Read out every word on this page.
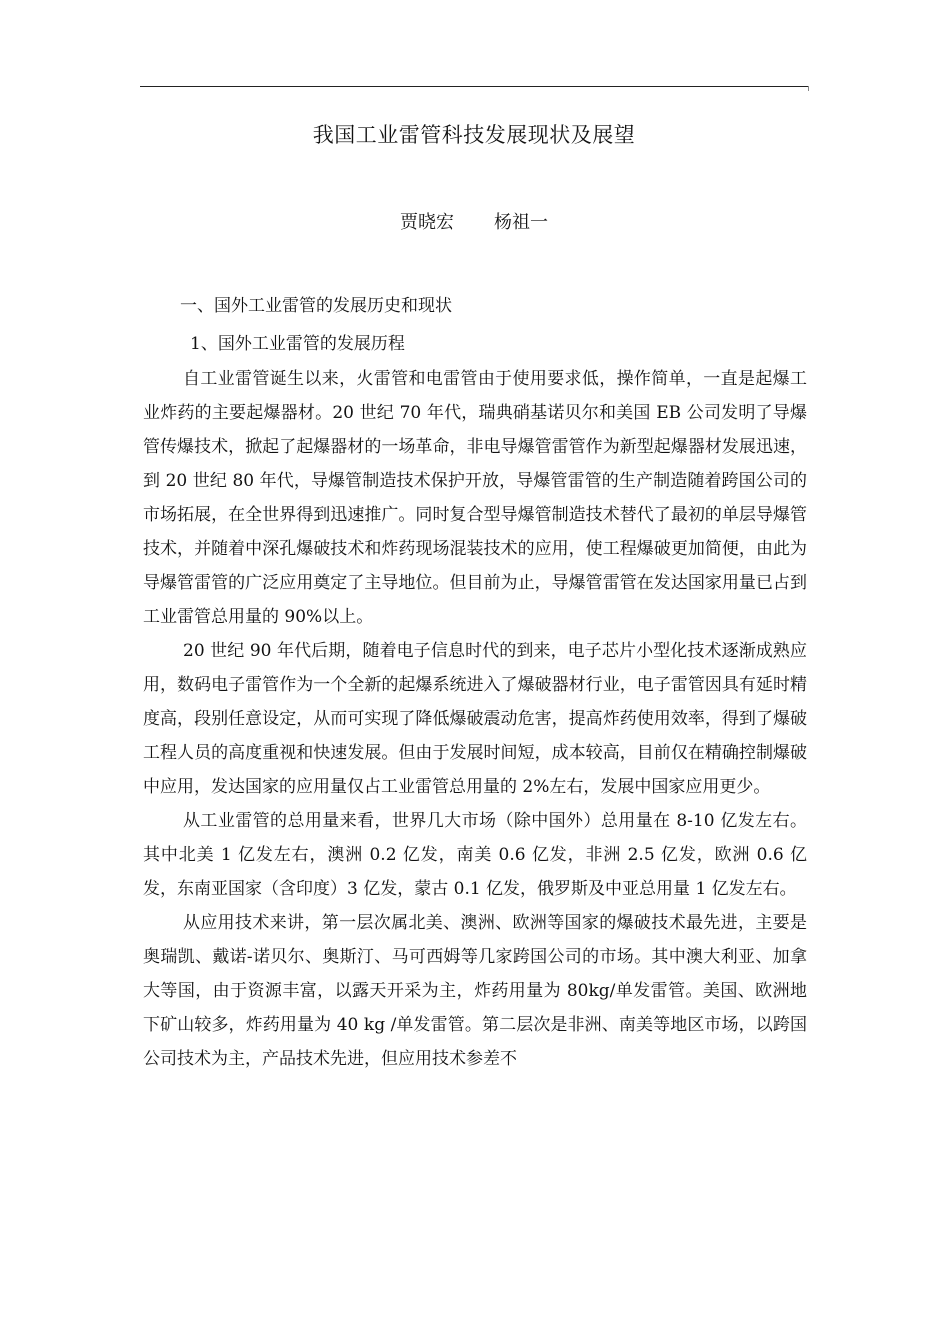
我国工业雷管科技发展现状及展望
贾晓宏 杨祖一
一、国外工业雷管的发展历史和现状
1、国外工业雷管的发展历程

自工业雷管诞生以来，火雷管和电雷管由于使用要求低，操作简单，一直是起爆工业炸药的主要起爆器材。20 世纪 70 年代，瑞典硝基诺贝尔和美国 EB 公司发明了导爆管传爆技术，掀起了起爆器材的一场革命，非电导爆管雷管作为新型起爆器材发展迅速，到 20 世纪 80 年代，导爆管制造技术保护开放，导爆管雷管的生产制造随着跨国公司的市场拓展，在全世界得到迅速推广。同时复合型导爆管制造技术替代了最初的单层导爆管技术，并随着中深孔爆破技术和炸药现场混装技术的应用，使工程爆破更加简便，由此为导爆管雷管的广泛应用奠定了主导地位。但目前为止，导爆管雷管在发达国家用量已占到工业雷管总用量的 90%以上。

20 世纪 90 年代后期，随着电子信息时代的到来，电子芯片小型化技术逐渐成熟应用，数码电子雷管作为一个全新的起爆系统进入了爆破器材行业，电子雷管因具有延时精度高，段别任意设定，从而可实现了降低爆破震动危害，提高炸药使用效率，得到了爆破工程人员的高度重视和快速发展。但由于发展时间短，成本较高，目前仅在精确控制爆破中应用，发达国家的应用量仅占工业雷管总用量的 2%左右，发展中国家应用更少。

从工业雷管的总用量来看，世界几大市场（除中国外）总用量在 8-10 亿发左右。其中北美 1 亿发左右，澳洲 0.2 亿发，南美 0.6 亿发，非洲 2.5 亿发，欧洲 0.6 亿发，东南亚国家（含印度）3 亿发，蒙古 0.1 亿发，俄罗斯及中亚总用量 1 亿发左右。

从应用技术来讲，第一层次属北美、澳洲、欧洲等国家的爆破技术最先进，主要是奥瑞凯、戴诺-诺贝尔、奥斯汀、马可西姆等几家跨国公司的市场。其中澳大利亚、加拿大等国，由于资源丰富，以露天开采为主，炸药用量为 80kg/单发雷管。美国、欧洲地下矿山较多，炸药用量为 40 kg /单发雷管。第二层次是非洲、南美等地区市场，以跨国公司技术为主，产品技术先进，但应用技术参差不
